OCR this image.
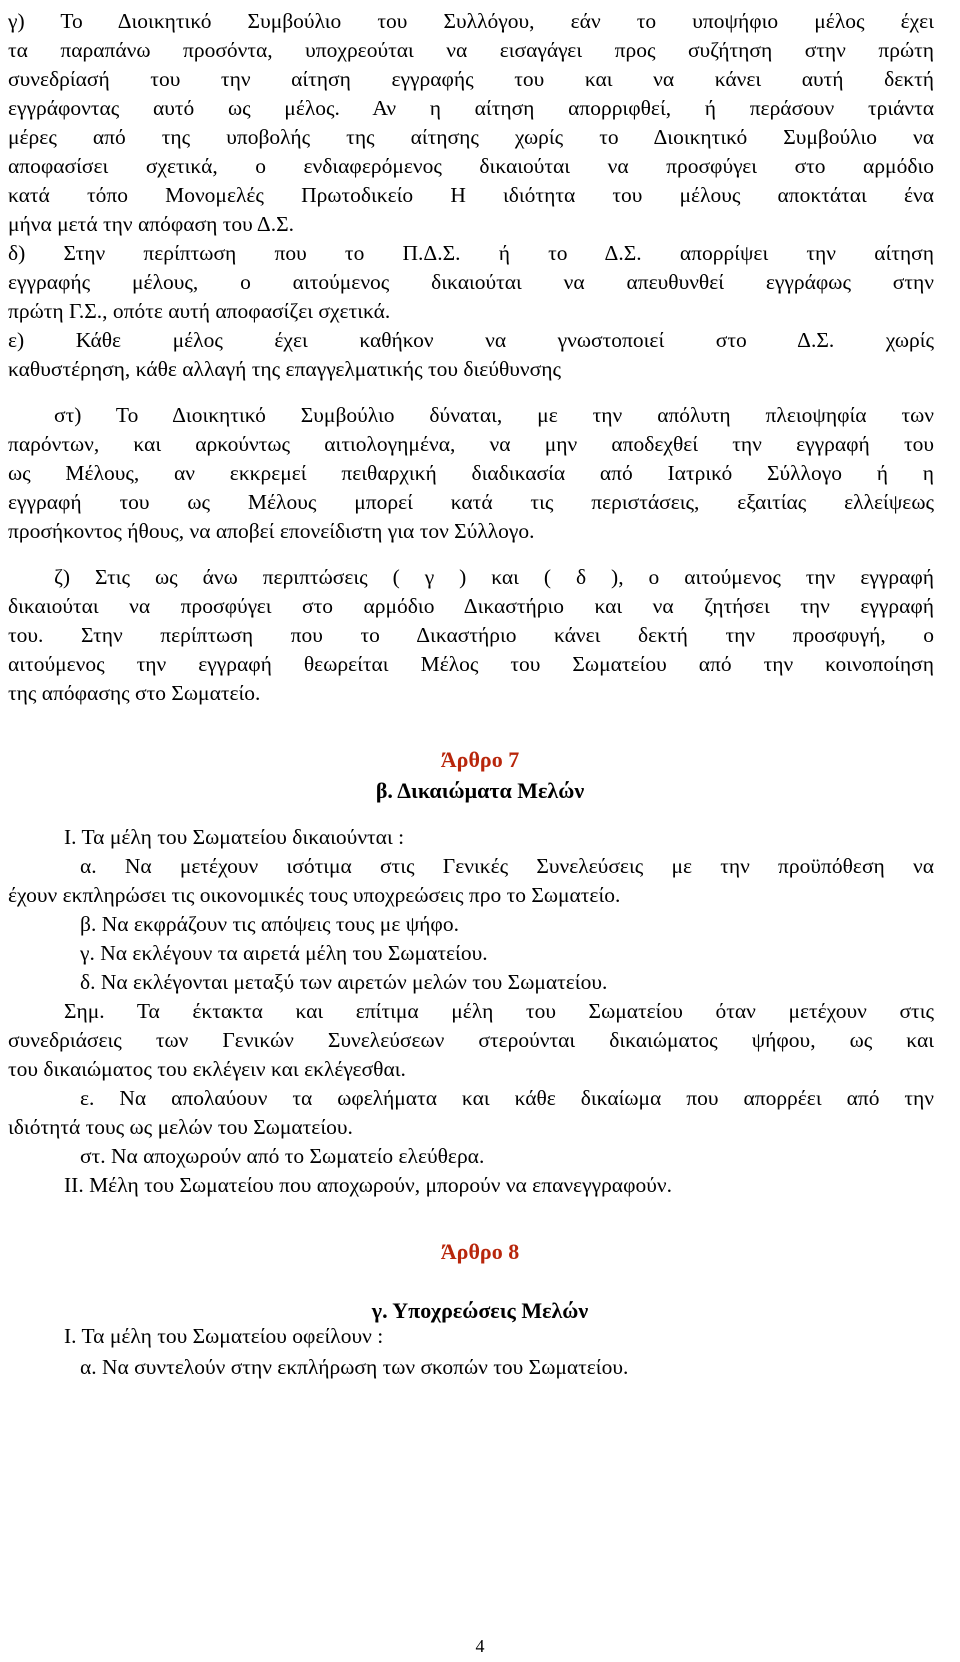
γ) Το Διοικητικό Συμβούλιο του Συλλόγου, εάν το υποψήφιο μέλος έχει
τα παραπάνω προσόντα, υποχρεούται να εισαγάγει προς συζήτηση στην πρώτη
συνεδρίασή του την αίτηση εγγραφής του και να κάνει αυτή δεκτή
εγγράφοντας αυτό ως μέλος. Αν η αίτηση απορριφθεί, ή περάσουν τριάντα
μέρες από της υποβολής της αίτησης χωρίς το Διοικητικό Συμβούλιο να
αποφασίσει σχετικά, ο ενδιαφερόμενος δικαιούται να προσφύγει στο αρμόδιο
κατά τόπο Μονομελές Πρωτοδικείο Η ιδιότητα του μέλους αποκτάται ένα
μήνα μετά την απόφαση του Δ.Σ.
δ) Στην περίπτωση που το Π.Δ.Σ. ή το Δ.Σ. απορρίψει την αίτηση
εγγραφής μέλους, ο αιτούμενος δικαιούται να απευθυνθεί εγγράφως στην
πρώτη Γ.Σ., οπότε αυτή αποφασίζει σχετικά.
ε) Κάθε μέλος έχει καθήκον να γνωστοποιεί στο Δ.Σ. χωρίς
καθυστέρηση, κάθε αλλαγή της επαγγελματικής του διεύθυνσης
στ) Το Διοικητικό Συμβούλιο δύναται, με την απόλυτη πλειοψηφία των
παρόντων, και αρκούντως αιτιολογημένα, να μην αποδεχθεί την εγγραφή του
ως Μέλους, αν εκκρεμεί πειθαρχική διαδικασία από Ιατρικό Σύλλογο ή η
εγγραφή του ως Μέλους μπορεί κατά τις περιστάσεις, εξαιτίας ελλείψεως
προσήκοντος ήθους, να αποβεί επονείδιστη για τον Σύλλογο.
ζ) Στις ως άνω περιπτώσεις ( γ ) και ( δ ), ο αιτούμενος την εγγραφή
δικαιούται να προσφύγει στο αρμόδιο Δικαστήριο και να ζητήσει την εγγραφή
του. Στην περίπτωση που το Δικαστήριο κάνει δεκτή την προσφυγή, ο
αιτούμενος την εγγραφή θεωρείται Μέλος του Σωματείου από την κοινοποίηση
της απόφασης στο Σωματείο.
Άρθρο 7
β. Δικαιώματα Μελών
Ι. Τα μέλη του Σωματείου δικαιούνται :
α. Να μετέχουν ισότιμα στις Γενικές Συνελεύσεις με την προϋπόθεση να
έχουν εκπληρώσει τις οικονομικές τους υποχρεώσεις προ το Σωματείο.
β. Να εκφράζουν τις απόψεις τους με ψήφο.
γ. Να εκλέγουν τα αιρετά μέλη του Σωματείου.
δ. Να εκλέγονται μεταξύ των αιρετών μελών του Σωματείου.
Σημ. Τα έκτακτα και επίτιμα μέλη του Σωματείου όταν μετέχουν στις
συνεδριάσεις των Γενικών Συνελεύσεων στερούνται δικαιώματος ψήφου, ως και
του δικαιώματος του εκλέγειν και εκλέγεσθαι.
ε. Να απολαύουν τα ωφελήματα και κάθε δικαίωμα που απορρέει από την
ιδιότητά τους ως μελών του Σωματείου.
στ. Να αποχωρούν από το Σωματείο ελεύθερα.
ΙΙ. Μέλη του Σωματείου που αποχωρούν, μπορούν να επανεγγραφούν.
Άρθρο 8
γ. Υποχρεώσεις Μελών
Ι. Τα μέλη του Σωματείου οφείλουν :
α. Να συντελούν στην εκπλήρωση των σκοπών του Σωματείου.
4
